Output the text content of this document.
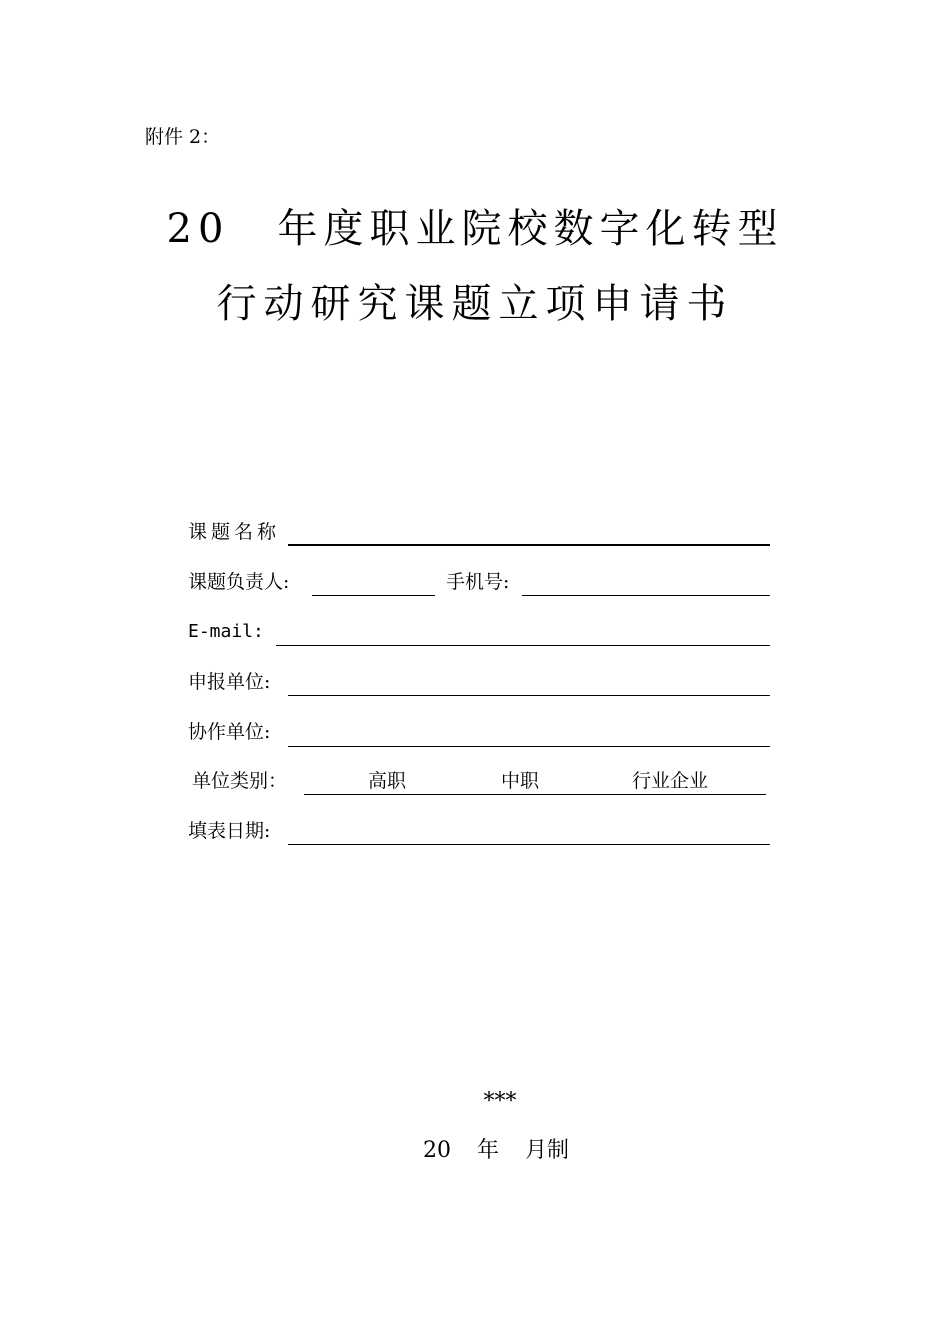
附件 2：
20 年度职业院校数字化转型
行动研究课题立项申请书
课题名称
课题负责人:	手机号:
E-mail:
申报单位:
协作单位:
单位类别：	高职	中职	行业企业
填表日期:
***
20 年 月制
